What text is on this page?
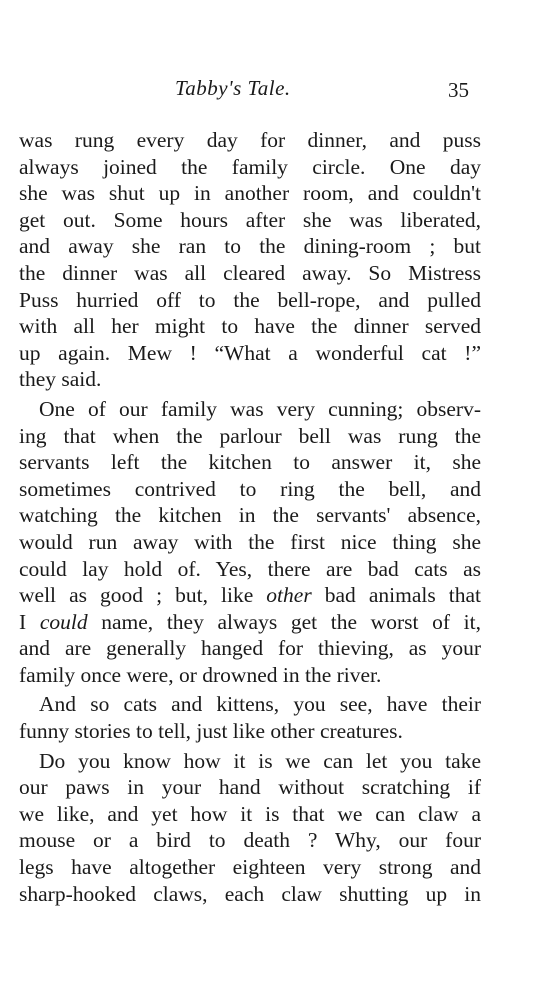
Tabby's Tale.	35
was rung every day for dinner, and puss
always joined the family circle. One day
she was shut up in another room, and couldn't
get out. Some hours after she was liberated,
and away she ran to the dining-room ; but
the dinner was all cleared away. So Mistress
Puss hurried off to the bell-rope, and pulled
with all her might to have the dinner served
up again. Mew ! “What a wonderful cat !”
they said.
One of our family was very cunning; observ-
ing that when the parlour bell was rung the
servants left the kitchen to answer it, she
sometimes contrived to ring the bell, and
watching the kitchen in the servants' absence,
would run away with the first nice thing she
could lay hold of. Yes, there are bad cats as
well as good ; but, like other bad animals that
I could name, they always get the worst of it,
and are generally hanged for thieving, as your
family once were, or drowned in the river.
And so cats and kittens, you see, have their
funny stories to tell, just like other creatures.
Do you know how it is we can let you take
our paws in your hand without scratching if
we like, and yet how it is that we can claw a
mouse or a bird to death ? Why, our four
legs have altogether eighteen very strong and
sharp-hooked claws, each claw shutting up in
